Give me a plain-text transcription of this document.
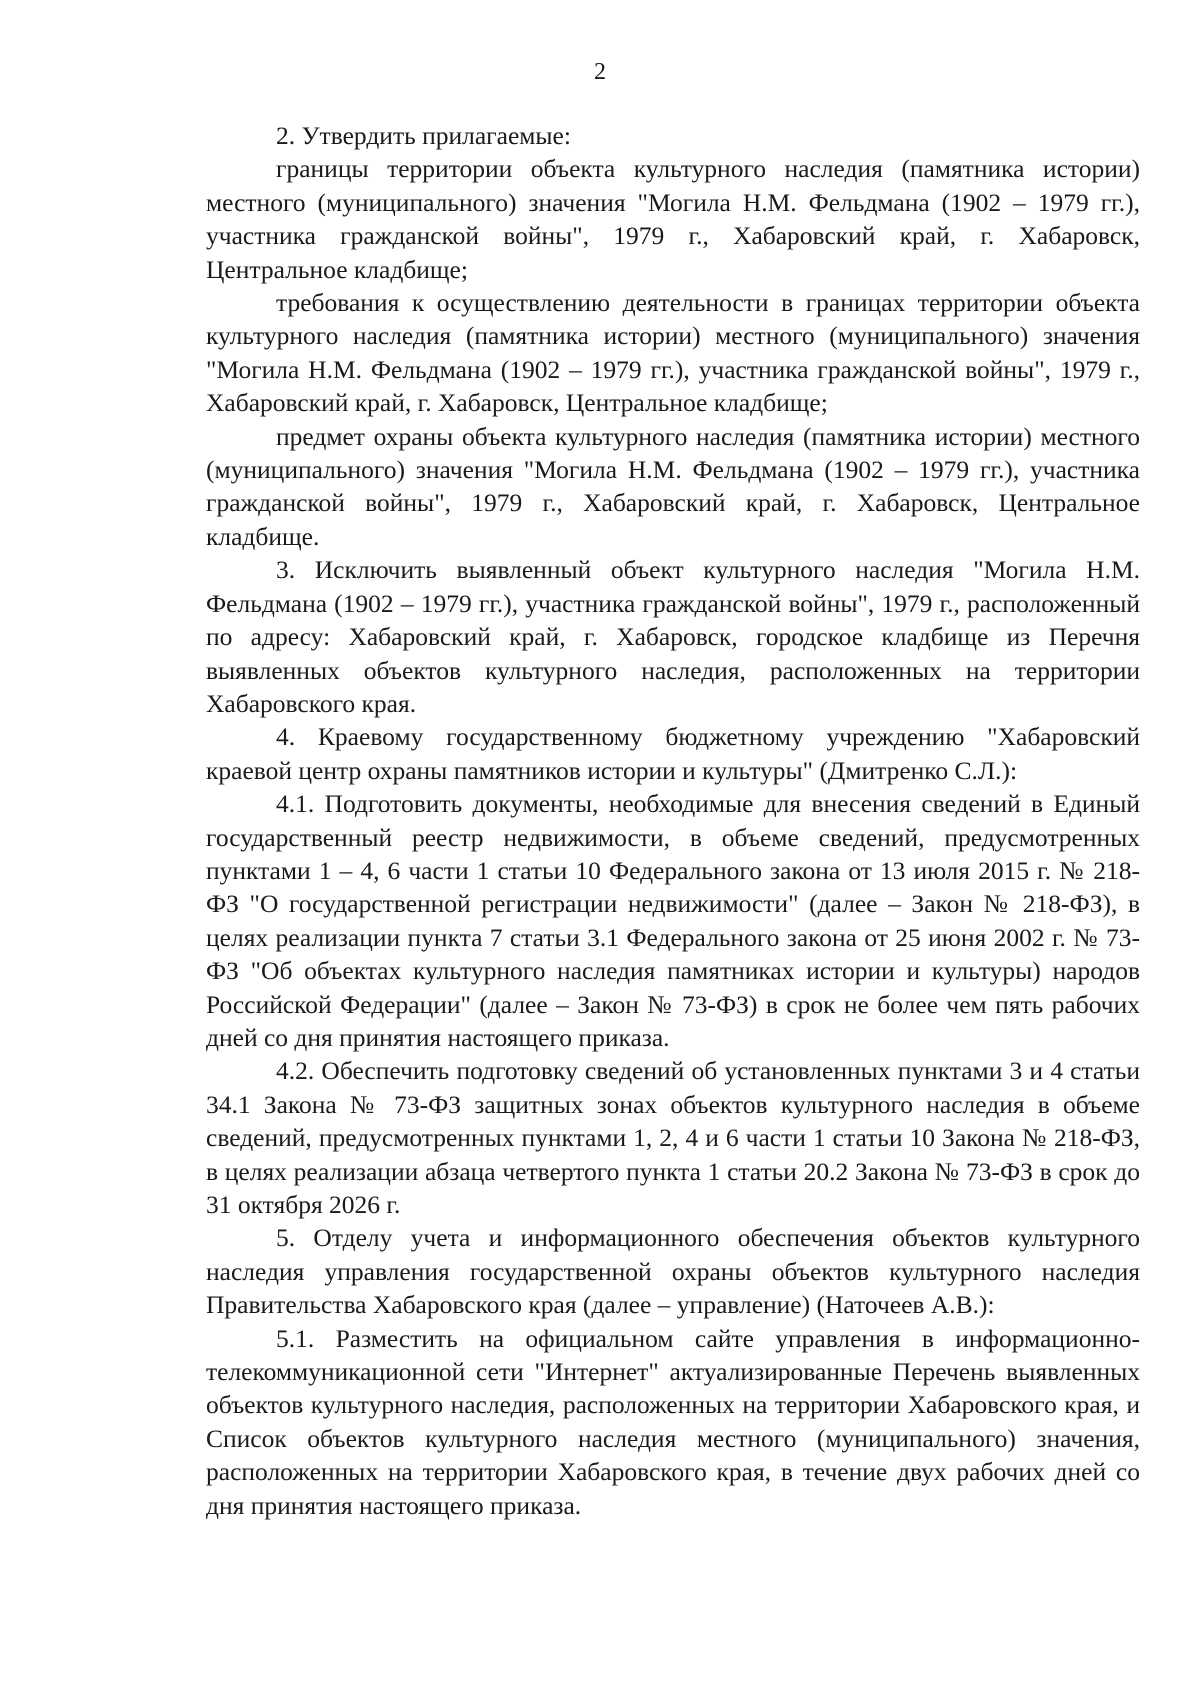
2

2. Утвердить прилагаемые:

границы территории объекта культурного наследия (памятника истории) местного (муниципального) значения "Могила Н.М. Фельдмана (1902 – 1979 гг.), участника гражданской войны", 1979 г., Хабаровский край, г. Хабаровск, Центральное кладбище;

требования к осуществлению деятельности в границах территории объекта культурного наследия (памятника истории) местного (муниципального) значения "Могила Н.М. Фельдмана (1902 – 1979 гг.), участника гражданской войны", 1979 г., Хабаровский край, г. Хабаровск, Центральное кладбище;

предмет охраны объекта культурного наследия (памятника истории) местного (муниципального) значения "Могила Н.М. Фельдмана (1902 – 1979 гг.), участника гражданской войны", 1979 г., Хабаровский край, г. Хабаровск, Центральное кладбище.

3. Исключить выявленный объект культурного наследия "Могила Н.М. Фельдмана (1902 – 1979 гг.), участника гражданской войны", 1979 г., расположенный по адресу: Хабаровский край, г. Хабаровск, городское кладбище из Перечня выявленных объектов культурного наследия, расположенных на территории Хабаровского края.

4. Краевому государственному бюджетному учреждению "Хабаровский краевой центр охраны памятников истории и культуры" (Дмитренко С.Л.):

4.1. Подготовить документы, необходимые для внесения сведений в Единый государственный реестр недвижимости, в объеме сведений, предусмотренных пунктами 1 – 4, 6 части 1 статьи 10 Федерального закона от 13 июля 2015 г. № 218-ФЗ "О государственной регистрации недвижимости" (далее – Закон № 218-ФЗ), в целях реализации пункта 7 статьи 3.1 Федерального закона от 25 июня 2002 г. № 73-ФЗ "Об объектах культурного наследия памятниках истории и культуры) народов Российской Федерации" (далее – Закон № 73-ФЗ) в срок не более чем пять рабочих дней со дня принятия настоящего приказа.

4.2. Обеспечить подготовку сведений об установленных пунктами 3 и 4 статьи 34.1 Закона № 73-ФЗ защитных зонах объектов культурного наследия в объеме сведений, предусмотренных пунктами 1, 2, 4 и 6 части 1 статьи 10 Закона № 218-ФЗ, в целях реализации абзаца четвертого пункта 1 статьи 20.2 Закона № 73-ФЗ в срок до 31 октября 2026 г.

5. Отделу учета и информационного обеспечения объектов культурного наследия управления государственной охраны объектов культурного наследия Правительства Хабаровского края (далее – управление) (Наточеев А.В.):

5.1. Разместить на официальном сайте управления в информационно-телекоммуникационной сети "Интернет" актуализированные Перечень выявленных объектов культурного наследия, расположенных на территории Хабаровского края, и Список объектов культурного наследия местного (муниципального) значения, расположенных на территории Хабаровского края, в течение двух рабочих дней со дня принятия настоящего приказа.
